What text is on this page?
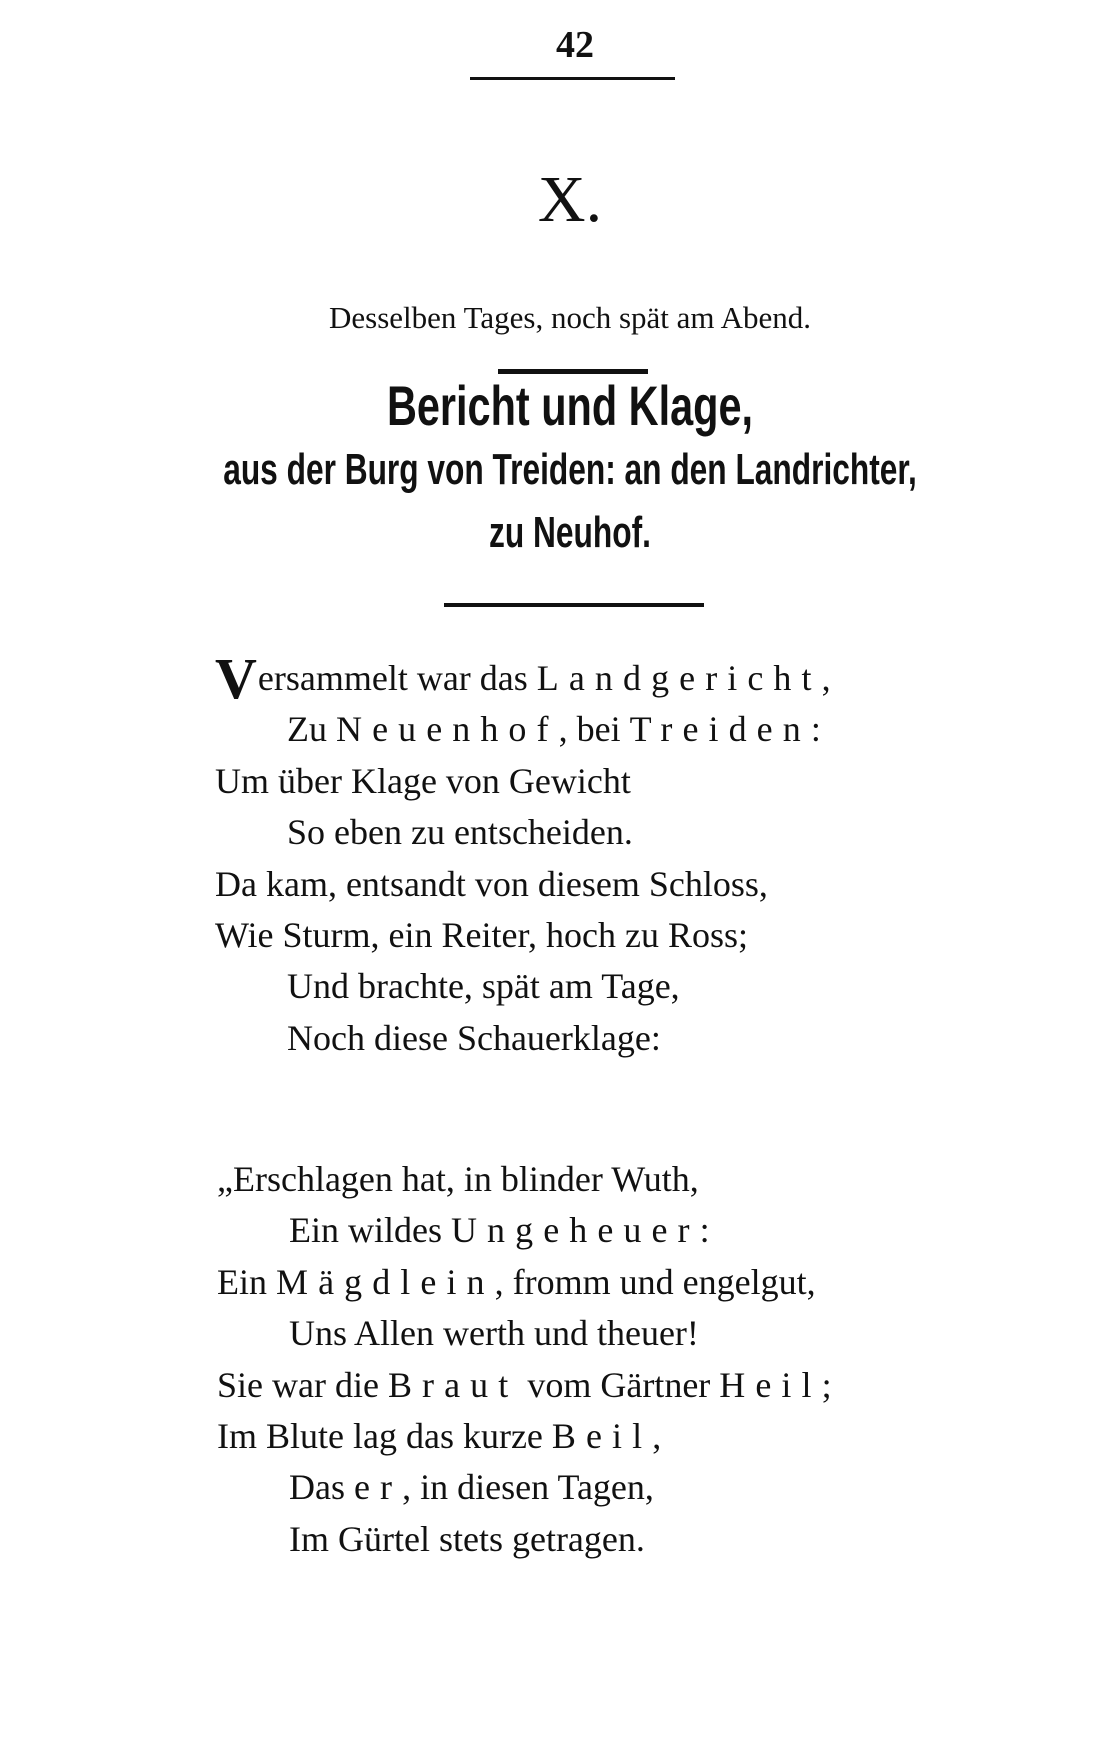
42
X.
Desselben Tages, noch spät am Abend.
Bericht und Klage,
aus der Burg von Treiden: an den Landrichter,
zu Neuhof.
Versammelt war das Landgericht,
Zu Neuenhof, bei Treiden:
Um über Klage von Gewicht
So eben zu entscheiden.
Da kam, entsandt von diesem Schloss,
Wie Sturm, ein Reiter, hoch zu Ross;
Und brachte, spät am Tage,
Noch diese Schauerklage:
„Erschlagen hat, in blinder Wuth,
Ein wildes Ungeheuer:
Ein Mägdlein, fromm und engelgut,
Uns Allen werth und theuer!
Sie war die Braut vom Gärtner Heil;
Im Blute lag das kurze Beil,
Das er, in diesen Tagen,
Im Gürtel stets getragen.
